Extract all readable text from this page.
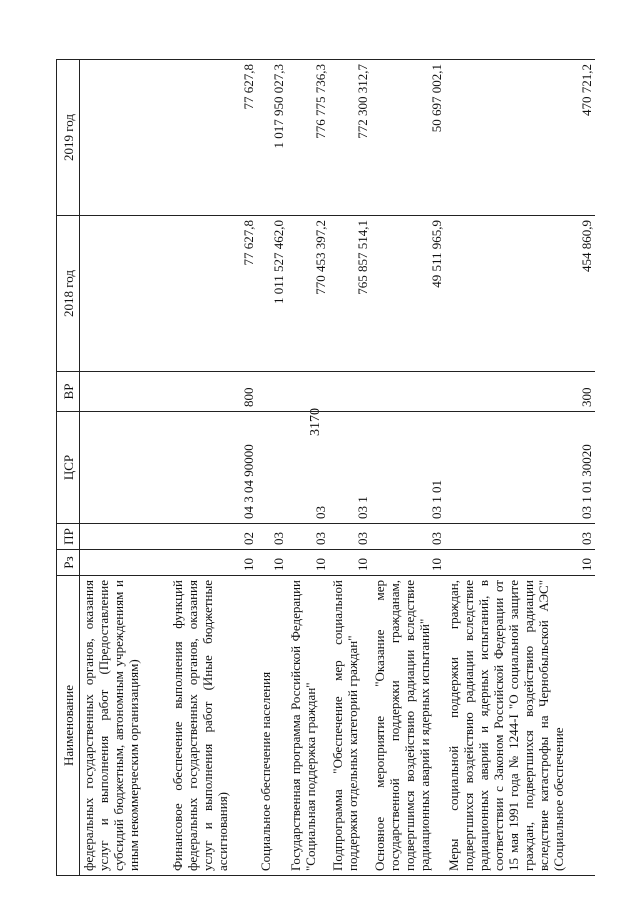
3170
Наименование	Рз	ПР	ЦСР	ВР	2018 год	2019 год
федеральных государственных органов, оказания услуг и выполнения работ (Предоставление субсидий бюджетным, автономным учреждениям и иным некоммерческим организациям)						
Финансовое обеспечение выполнения функций федеральных государственных органов, оказания услуг и выполнения работ (Иные бюджетные ассигнования)	10	02	04 3 04 90000	800	77 627,8	77 627,8
Социальное обеспечение населения	10	03			1 011 527 462,0	1 017 950 027,3
Государственная программа Российской Федерации "Социальная поддержка граждан"	10	03	03		770 453 397,2	776 775 736,3
Подпрограмма "Обеспечение мер социальной поддержки отдельных категорий граждан"	10	03	03 1		765 857 514,1	772 300 312,7
Основное мероприятие "Оказание мер государственной поддержки гражданам, подвергшимся воздействию радиации вследствие радиационных аварий и ядерных испытаний"	10	03	03 1 01		49 511 965,9	50 697 002,1
Меры социальной поддержки граждан, подвергшихся воздействию радиации вследствие радиационных аварий и ядерных испытаний, в соответствии с Законом Российской Федерации от 15 мая 1991 года № 1244-I "О социальной защите граждан, подвергшихся воздействию радиации вследствие катастрофы на Чернобыльской АЭС" (Социальное обеспечение	10	03	03 1 01 30020	300	454 860,9	470 721,2
